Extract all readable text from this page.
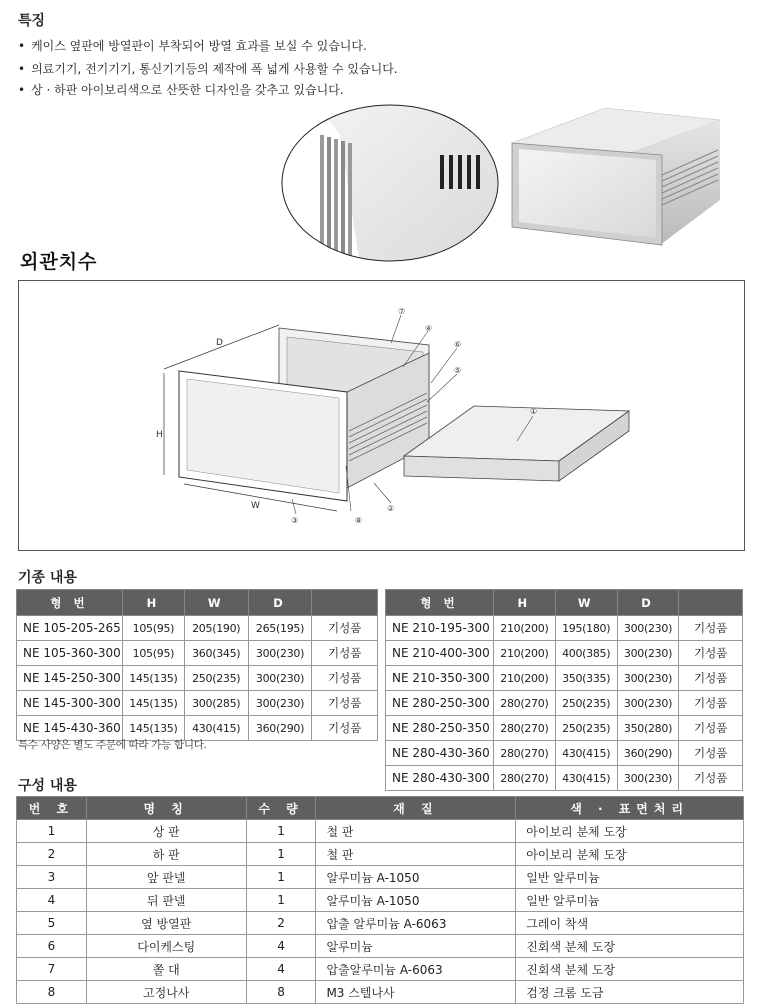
특징
• 케이스 옆판에 방열판이 부착되어 방열 효과를 보실 수 있습니다.
• 의료기기, 전기기기, 통신기기등의 제작에 폭 넓게 사용할 수 있습니다.
• 상 · 하판 아이보리색으로 산뜻한 디자인을 갖추고 있습니다.
외관치수
D
H
W
⑦
④
⑥
⑤
①
②
⑧
③
기종 내용
형 번	H	W	D	
NE 105-205-265	105(95)	205(190)	265(195)	기성품
NE 105-360-300	105(95)	360(345)	300(230)	기성품
NE 145-250-300	145(135)	250(235)	300(230)	기성품
NE 145-300-300	145(135)	300(285)	300(230)	기성품
NE 145-430-360	145(135)	430(415)	360(290)	기성품
형 번	H	W	D	
NE 210-195-300	210(200)	195(180)	300(230)	기성품
NE 210-400-300	210(200)	400(385)	300(230)	기성품
NE 210-350-300	210(200)	350(335)	300(230)	기성품
NE 280-250-300	280(270)	250(235)	300(230)	기성품
NE 280-250-350	280(270)	250(235)	350(280)	기성품
NE 280-430-360	280(270)	430(415)	360(290)	기성품
NE 280-430-300	280(270)	430(415)	300(230)	기성품
특수 사양은 별도 주문에 따라 가능 합니다.
구성 내용
번 호	명 칭	수 량	재 질	색 · 표면처리
1	상 판	1	철 판	아이보리 분체 도장
2	하 판	1	철 판	아이보리 분체 도장
3	앞 판넬	1	알루미늄 A-1050	일반 알루미늄
4	뒤 판넬	1	알루미늄 A-1050	일반 알루미늄
5	옆 방열판	2	압출 알루미늄 A-6063	그레이 착색
6	다이케스팅	4	알루미늄	진회색 분체 도장
7	쫄 대	4	압출알루미늄 A-6063	진회색 분체 도장
8	고정나사	8	M3 스텔나사	검정 크롬 도금
